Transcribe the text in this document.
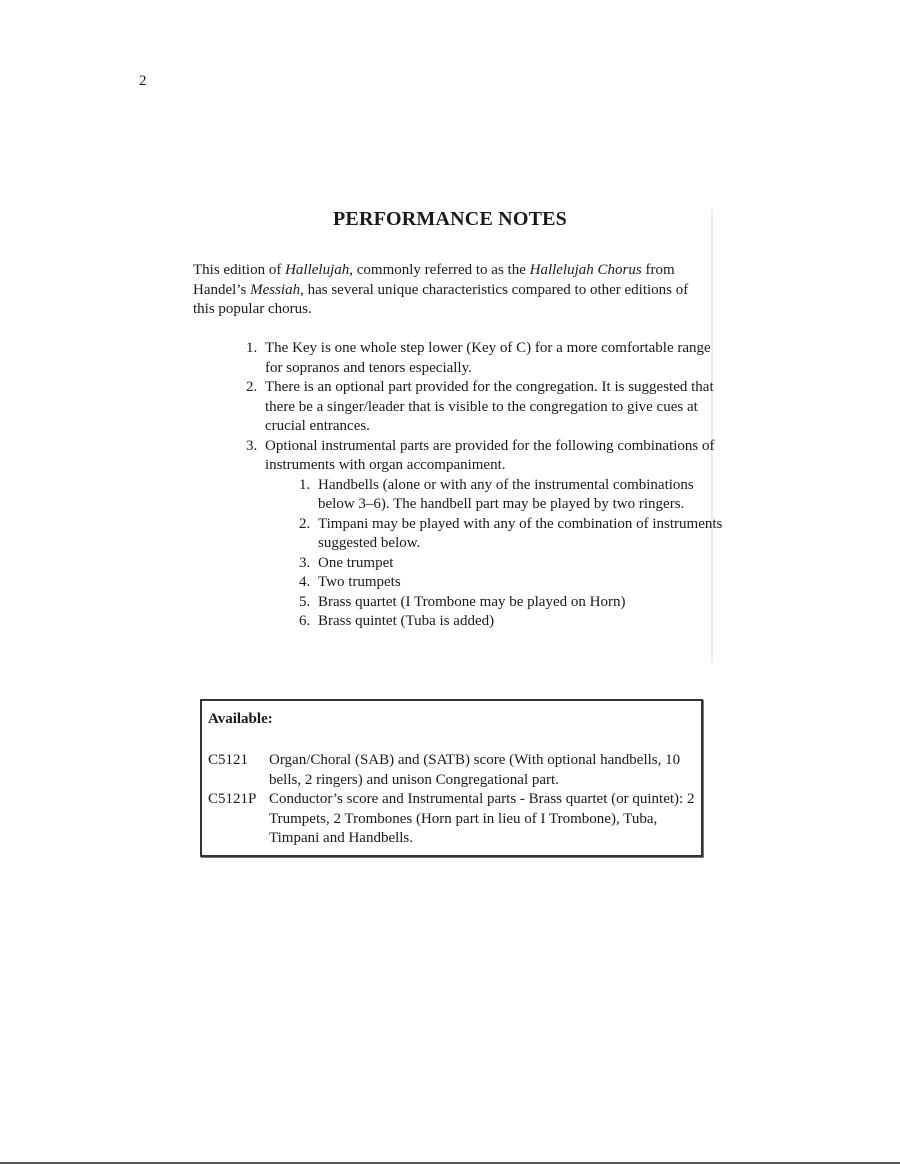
2
PERFORMANCE NOTES

This edition of Hallelujah, commonly referred to as the Hallelujah Chorus from Handel’s Messiah, has several unique characteristics compared to other editions of this popular chorus.

1. The Key is one whole step lower (Key of C) for a more comfortable range for sopranos and tenors especially.
2. There is an optional part provided for the congregation. It is suggested that there be a singer/leader that is visible to the congregation to give cues at crucial entrances.
3. Optional instrumental parts are provided for the following combinations of instruments with organ accompaniment.
1. Handbells (alone or with any of the instrumental combinations below 3–6). The handbell part may be played by two ringers.
2. Timpani may be played with any of the combination of instruments suggested below.
3. One trumpet
4. Two trumpets
5. Brass quartet (I Trombone may be played on Horn)
6. Brass quintet (Tuba is added)
Available:
C5121	Organ/Choral (SAB) and (SATB) score (With optional handbells, 10 bells, 2 ringers) and unison Congregational part.
C5121P Conductor’s score and Instrumental parts - Brass quartet (or quintet): 2 Trumpets, 2 Trombones (Horn part in lieu of I Trombone), Tuba, Timpani and Handbells.
